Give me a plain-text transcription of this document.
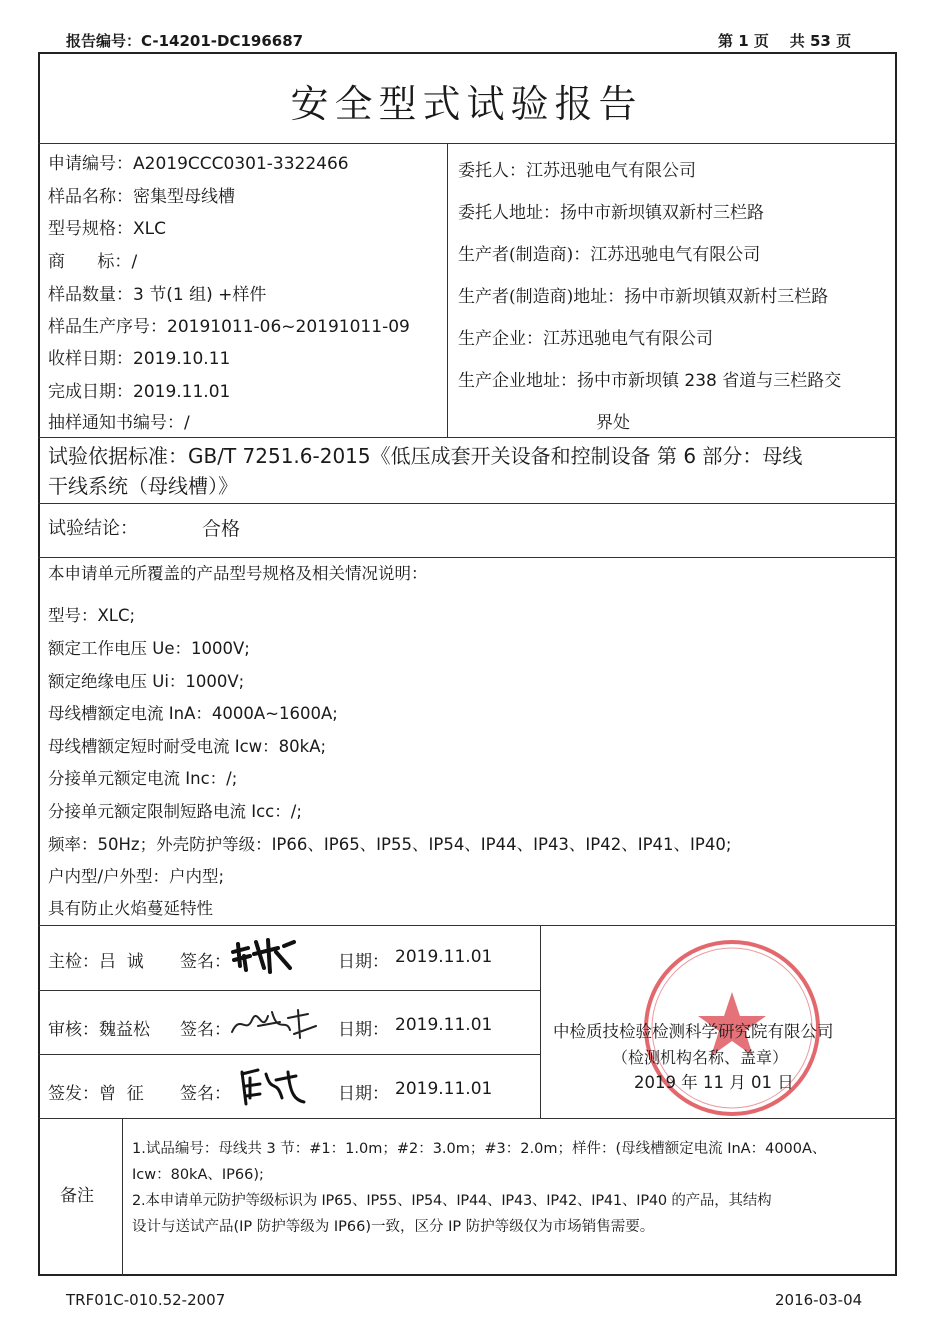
报告编号：C-14201-DC196687	第 1 页    共 53 页
安全型式试验报告
申请编号：A2019CCC0301-3322466
样品名称：密集型母线槽
型号规格：XLC
商      标：/
样品数量：3 节(1 组) +样件
样品生产序号：20191011-06~20191011-09
收样日期：2019.10.11
完成日期：2019.11.01
抽样通知书编号：/
委托人：江苏迅驰电气有限公司
委托人地址：扬中市新坝镇双新村三栏路
生产者(制造商)：江苏迅驰电气有限公司
生产者(制造商)地址：扬中市新坝镇双新村三栏路
生产企业：江苏迅驰电气有限公司
生产企业地址：扬中市新坝镇 238 省道与三栏路交
界处
试验依据标准：GB/T 7251.6-2015《低压成套开关设备和控制设备 第 6 部分：母线
干线系统（母线槽）》
试验结论：	合格
本申请单元所覆盖的产品型号规格及相关情况说明：
型号：XLC;
额定工作电压 Ue：1000V;
额定绝缘电压 Ui：1000V;
母线槽额定电流 InA：4000A~1600A;
母线槽额定短时耐受电流 Icw：80kA;
分接单元额定电流 Inc：/;
分接单元额定限制短路电流 Icc：/;
频率：50Hz；外壳防护等级：IP66、IP65、IP55、IP54、IP44、IP43、IP42、IP41、IP40;
户内型/户外型：户内型;
具有防止火焰蔓延特性
主检：吕  诚 签名：	日期： 2019.11.01
审核：魏益松 签名：	日期： 2019.11.01
签发：曾  征 签名：	日期： 2019.11.01
中检质技检验检测科学研究院有限公司
（检测机构名称、盖章）
2019 年 11 月 01 日
备注
1.试品编号：母线共 3 节：#1：1.0m；#2：3.0m；#3：2.0m；样件：(母线槽额定电流 InA：4000A、
Icw：80kA、IP66);
2.本申请单元防护等级标识为 IP65、IP55、IP54、IP44、IP43、IP42、IP41、IP40 的产品，其结构
设计与送试产品(IP 防护等级为 IP66)一致，区分 IP 防护等级仅为市场销售需要。
TRF01C-010.52-2007	2016-03-04
